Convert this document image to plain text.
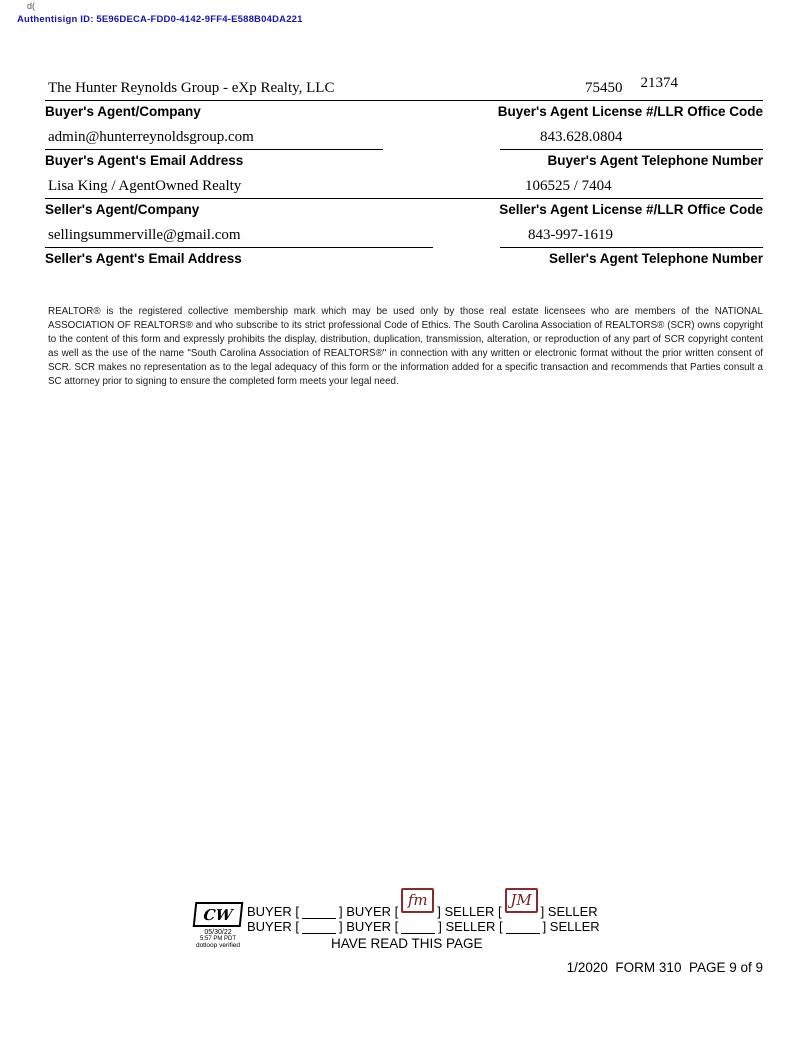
d(
Authentisign ID: 5E96DECA-FDD0-4142-9FF4-E588B04DA221
The Hunter Reynolds Group - eXp Realty, LLC	75450 21374
Buyer's Agent/Company	Buyer's Agent License #/LLR Office Code
admin@hunterreynoldsgroup.com	843.628.0804
Buyer's Agent's Email Address	Buyer's Agent Telephone Number
Lisa King / AgentOwned Realty	106525 / 7404
Seller's Agent/Company	Seller's Agent License #/LLR Office Code
sellingsummerville@gmail.com	843-997-1619
Seller's Agent's Email Address	Seller's Agent Telephone Number
REALTOR® is the registered collective membership mark which may be used only by those real estate licensees who are members of the NATIONAL ASSOCIATION OF REALTORS® and who subscribe to its strict professional Code of Ethics. The South Carolina Association of REALTORS® (SCR) owns copyright to the content of this form and expressly prohibits the display, distribution, duplication, transmission, alteration, or reproduction of any part of SCR copyright content as well as the use of the name "South Carolina Association of REALTORS®" in connection with any written or electronic format without the prior written consent of SCR. SCR makes no representation as to the legal adequacy of this form or the information added for a specific transaction and recommends that Parties consult a SC attorney prior to signing to ensure the completed form meets your legal need.
CW
05/30/22
5:57 PM PDT
dotloop verified
BUYER [	] BUYER [
fm
] SELLER [
JM
] SELLER
BUYER [	] BUYER [	] SELLER [	] SELLER
HAVE READ THIS PAGE
1/2020  FORM 310  PAGE 9 of 9
